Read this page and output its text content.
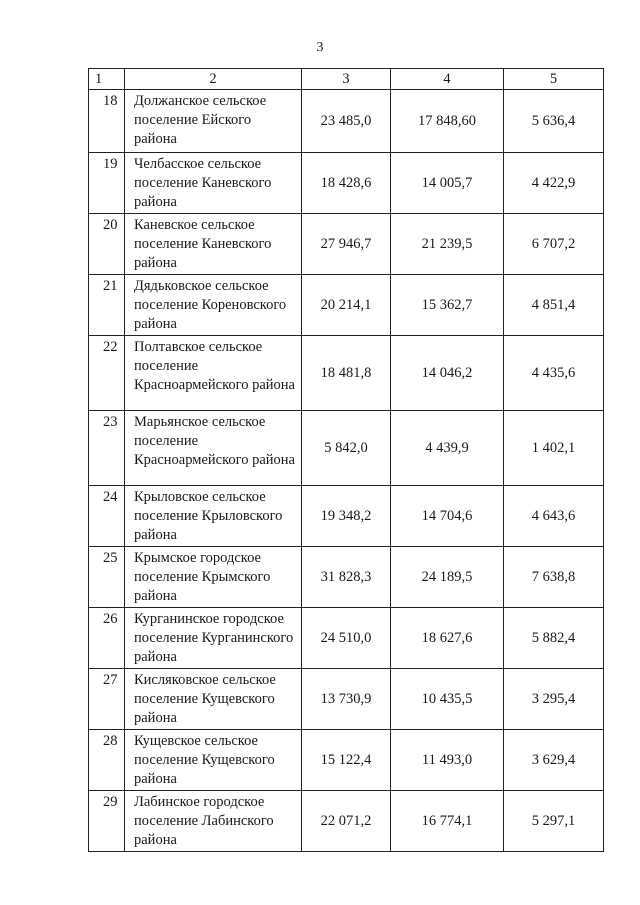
3
1	2	3	4	5
18	Должанское сельское поселение Ейского района	23 485,0	17 848,60	5 636,4
19	Челбасское сельское поселение Каневского района	18 428,6	14 005,7	4 422,9
20	Каневское сельское поселение Каневского района	27 946,7	21 239,5	6 707,2
21	Дядьковское сельское поселение Кореновского района	20 214,1	15 362,7	4 851,4
22	Полтавское сельское поселение Красноармейского района	18 481,8	14 046,2	4 435,6
23	Марьянское сельское поселение Красноармейского района	5 842,0	4 439,9	1 402,1
24	Крыловское сельское поселение Крыловского района	19 348,2	14 704,6	4 643,6
25	Крымское городское поселение Крымского района	31 828,3	24 189,5	7 638,8
26	Курганинское городское поселение Курганинского района	24 510,0	18 627,6	5 882,4
27	Кисляковское сельское поселение Кущевского района	13 730,9	10 435,5	3 295,4
28	Кущевское сельское поселение Кущевского района	15 122,4	11 493,0	3 629,4
29	Лабинское городское поселение Лабинского района	22 071,2	16 774,1	5 297,1
